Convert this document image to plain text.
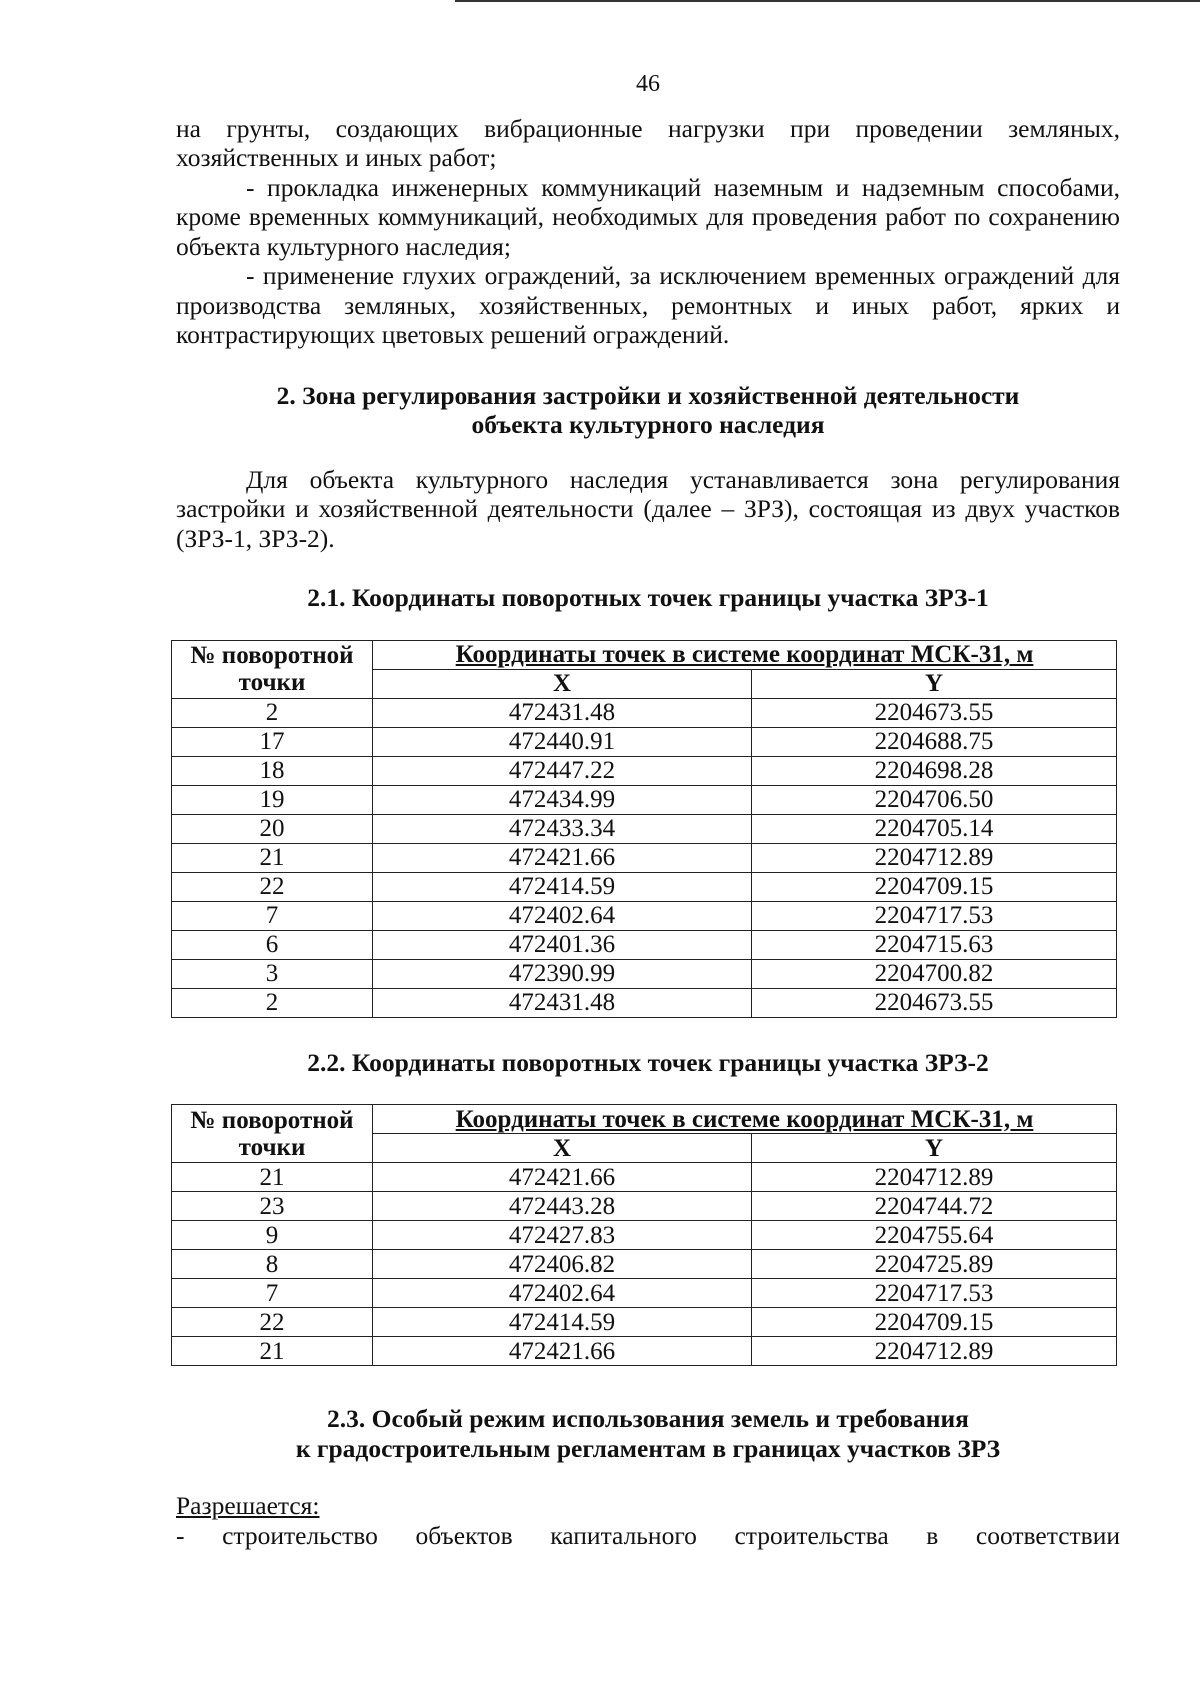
46

на грунты, создающих вибрационные нагрузки при проведении земляных, хозяйственных и иных работ;

- прокладка инженерных коммуникаций наземным и надземным способами, кроме временных коммуникаций, необходимых для проведения работ по сохранению объекта культурного наследия;

- применение глухих ограждений, за исключением временных ограждений для производства земляных, хозяйственных, ремонтных и иных работ, ярких и контрастирующих цветовых решений ограждений.

2. Зона регулирования застройки и хозяйственной деятельности
объекта культурного наследия

Для объекта культурного наследия устанавливается зона регулирования застройки и хозяйственной деятельности (далее – ЗРЗ), состоящая из двух участков (ЗРЗ-1, ЗРЗ-2).

2.1. Координаты поворотных точек границы участка ЗРЗ-1
№ поворотной
точки	Координаты точек в системе координат МСК-31, м	
	X	Y
2	472431.48	2204673.55
17	472440.91	2204688.75
18	472447.22	2204698.28
19	472434.99	2204706.50
20	472433.34	2204705.14
21	472421.66	2204712.89
22	472414.59	2204709.15
7	472402.64	2204717.53
6	472401.36	2204715.63
3	472390.99	2204700.82
2	472431.48	2204673.55
2.2. Координаты поворотных точек границы участка ЗРЗ-2
№ поворотной
точки	Координаты точек в системе координат МСК-31, м	
	X	Y
21	472421.66	2204712.89
23	472443.28	2204744.72
9	472427.83	2204755.64
8	472406.82	2204725.89
7	472402.64	2204717.53
22	472414.59	2204709.15
21	472421.66	2204712.89
2.3. Особый режим использования земель и требования
к градостроительным регламентам в границах участков ЗРЗ

Разрешается:

- строительство объектов капитального строительства в соответствии
